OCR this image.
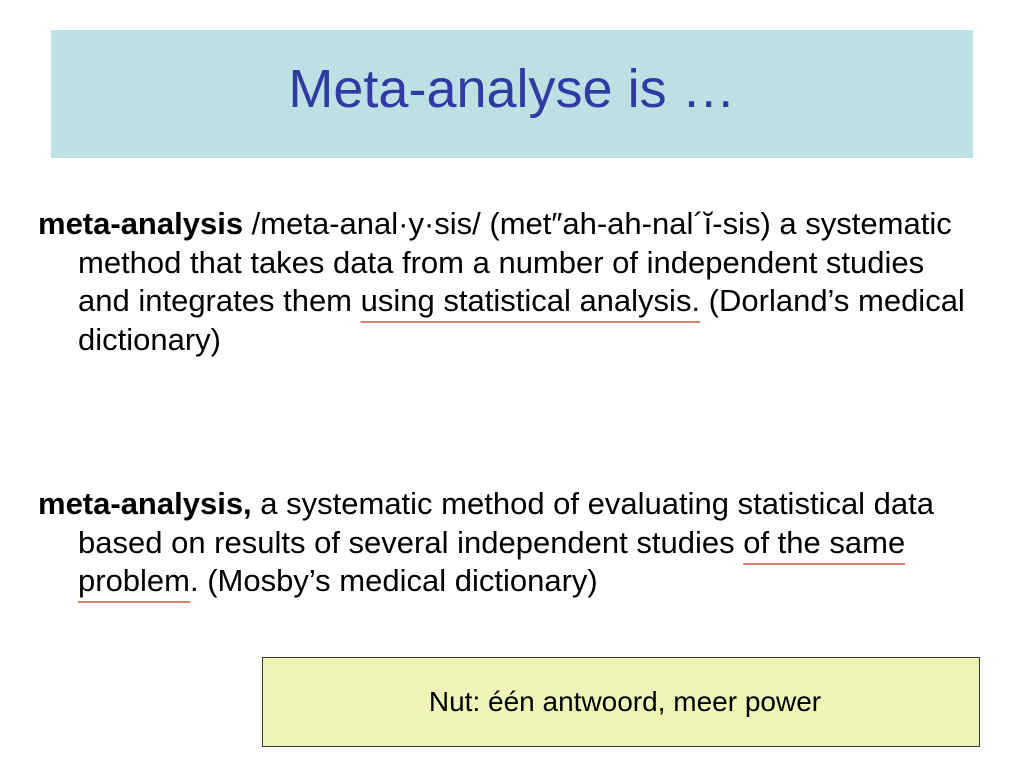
Meta-analyse is …

meta-analysis /meta-anal·y·sis/ (met″ah-ah-nal´ĭ-sis) a systematic method that takes data from a number of independent studies and integrates them using statistical analysis. (Dorland’s medical dictionary)

meta-analysis, a systematic method of evaluating statistical data based on results of several independent studies of the same problem. (Mosby’s medical dictionary)

Nut: één antwoord, meer power
